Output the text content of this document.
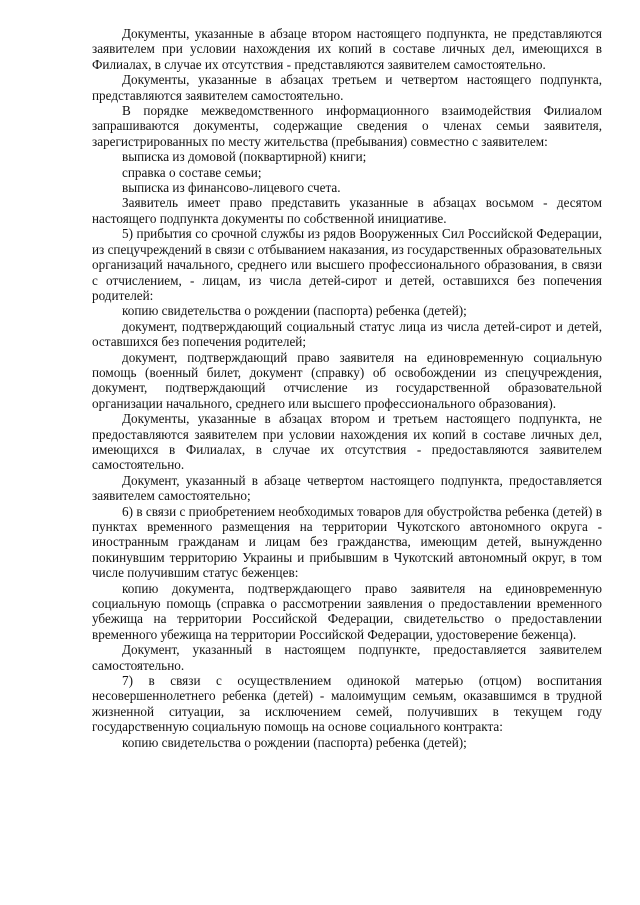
Документы, указанные в абзаце втором настоящего подпункта, не представляются заявителем при условии нахождения их копий в составе личных дел, имеющихся в Филиалах, в случае их отсутствия - представляются заявителем самостоятельно.

Документы, указанные в абзацах третьем и четвертом настоящего подпункта, представляются заявителем самостоятельно.

В порядке межведомственного информационного взаимодействия Филиалом запрашиваются документы, содержащие сведения о членах семьи заявителя, зарегистрированных по месту жительства (пребывания) совместно с заявителем:

выписка из домовой (поквартирной) книги;

справка о составе семьи;

выписка из финансово-лицевого счета.

Заявитель имеет право представить указанные в абзацах восьмом - десятом настоящего подпункта документы по собственной инициативе.

5) прибытия со срочной службы из рядов Вооруженных Сил Российской Федерации, из спецучреждений в связи с отбыванием наказания, из государственных образовательных организаций начального, среднего или высшего профессионального образования, в связи с отчислением, - лицам, из числа детей-сирот и детей, оставшихся без попечения родителей:

копию свидетельства о рождении (паспорта) ребенка (детей);

документ, подтверждающий социальный статус лица из числа детей-сирот и детей, оставшихся без попечения родителей;

документ, подтверждающий право заявителя на единовременную социальную помощь (военный билет, документ (справку) об освобождении из спецучреждения, документ, подтверждающий отчисление из государственной образовательной организации начального, среднего или высшего профессионального образования).

Документы, указанные в абзацах втором и третьем настоящего подпункта, не предоставляются заявителем при условии нахождения их копий в составе личных дел, имеющихся в Филиалах, в случае их отсутствия - предоставляются заявителем самостоятельно.

Документ, указанный в абзаце четвертом настоящего подпункта, предоставляется заявителем самостоятельно;

6) в связи с приобретением необходимых товаров для обустройства ребенка (детей) в пунктах временного размещения на территории Чукотского автономного округа - иностранным гражданам и лицам без гражданства, имеющим детей, вынужденно покинувшим территорию Украины и прибывшим в Чукотский автономный округ, в том числе получившим статус беженцев:

копию документа, подтверждающего право заявителя на единовременную социальную помощь (справка о рассмотрении заявления о предоставлении временного убежища на территории Российской Федерации, свидетельство о предоставлении временного убежища на территории Российской Федерации, удостоверение беженца).

Документ, указанный в настоящем подпункте, предоставляется заявителем самостоятельно.

7) в связи с осуществлением одинокой матерью (отцом) воспитания несовершеннолетнего ребенка (детей) - малоимущим семьям, оказавшимся в трудной жизненной ситуации, за исключением семей, получивших в текущем году государственную социальную помощь на основе социального контракта:

копию свидетельства о рождении (паспорта) ребенка (детей);
